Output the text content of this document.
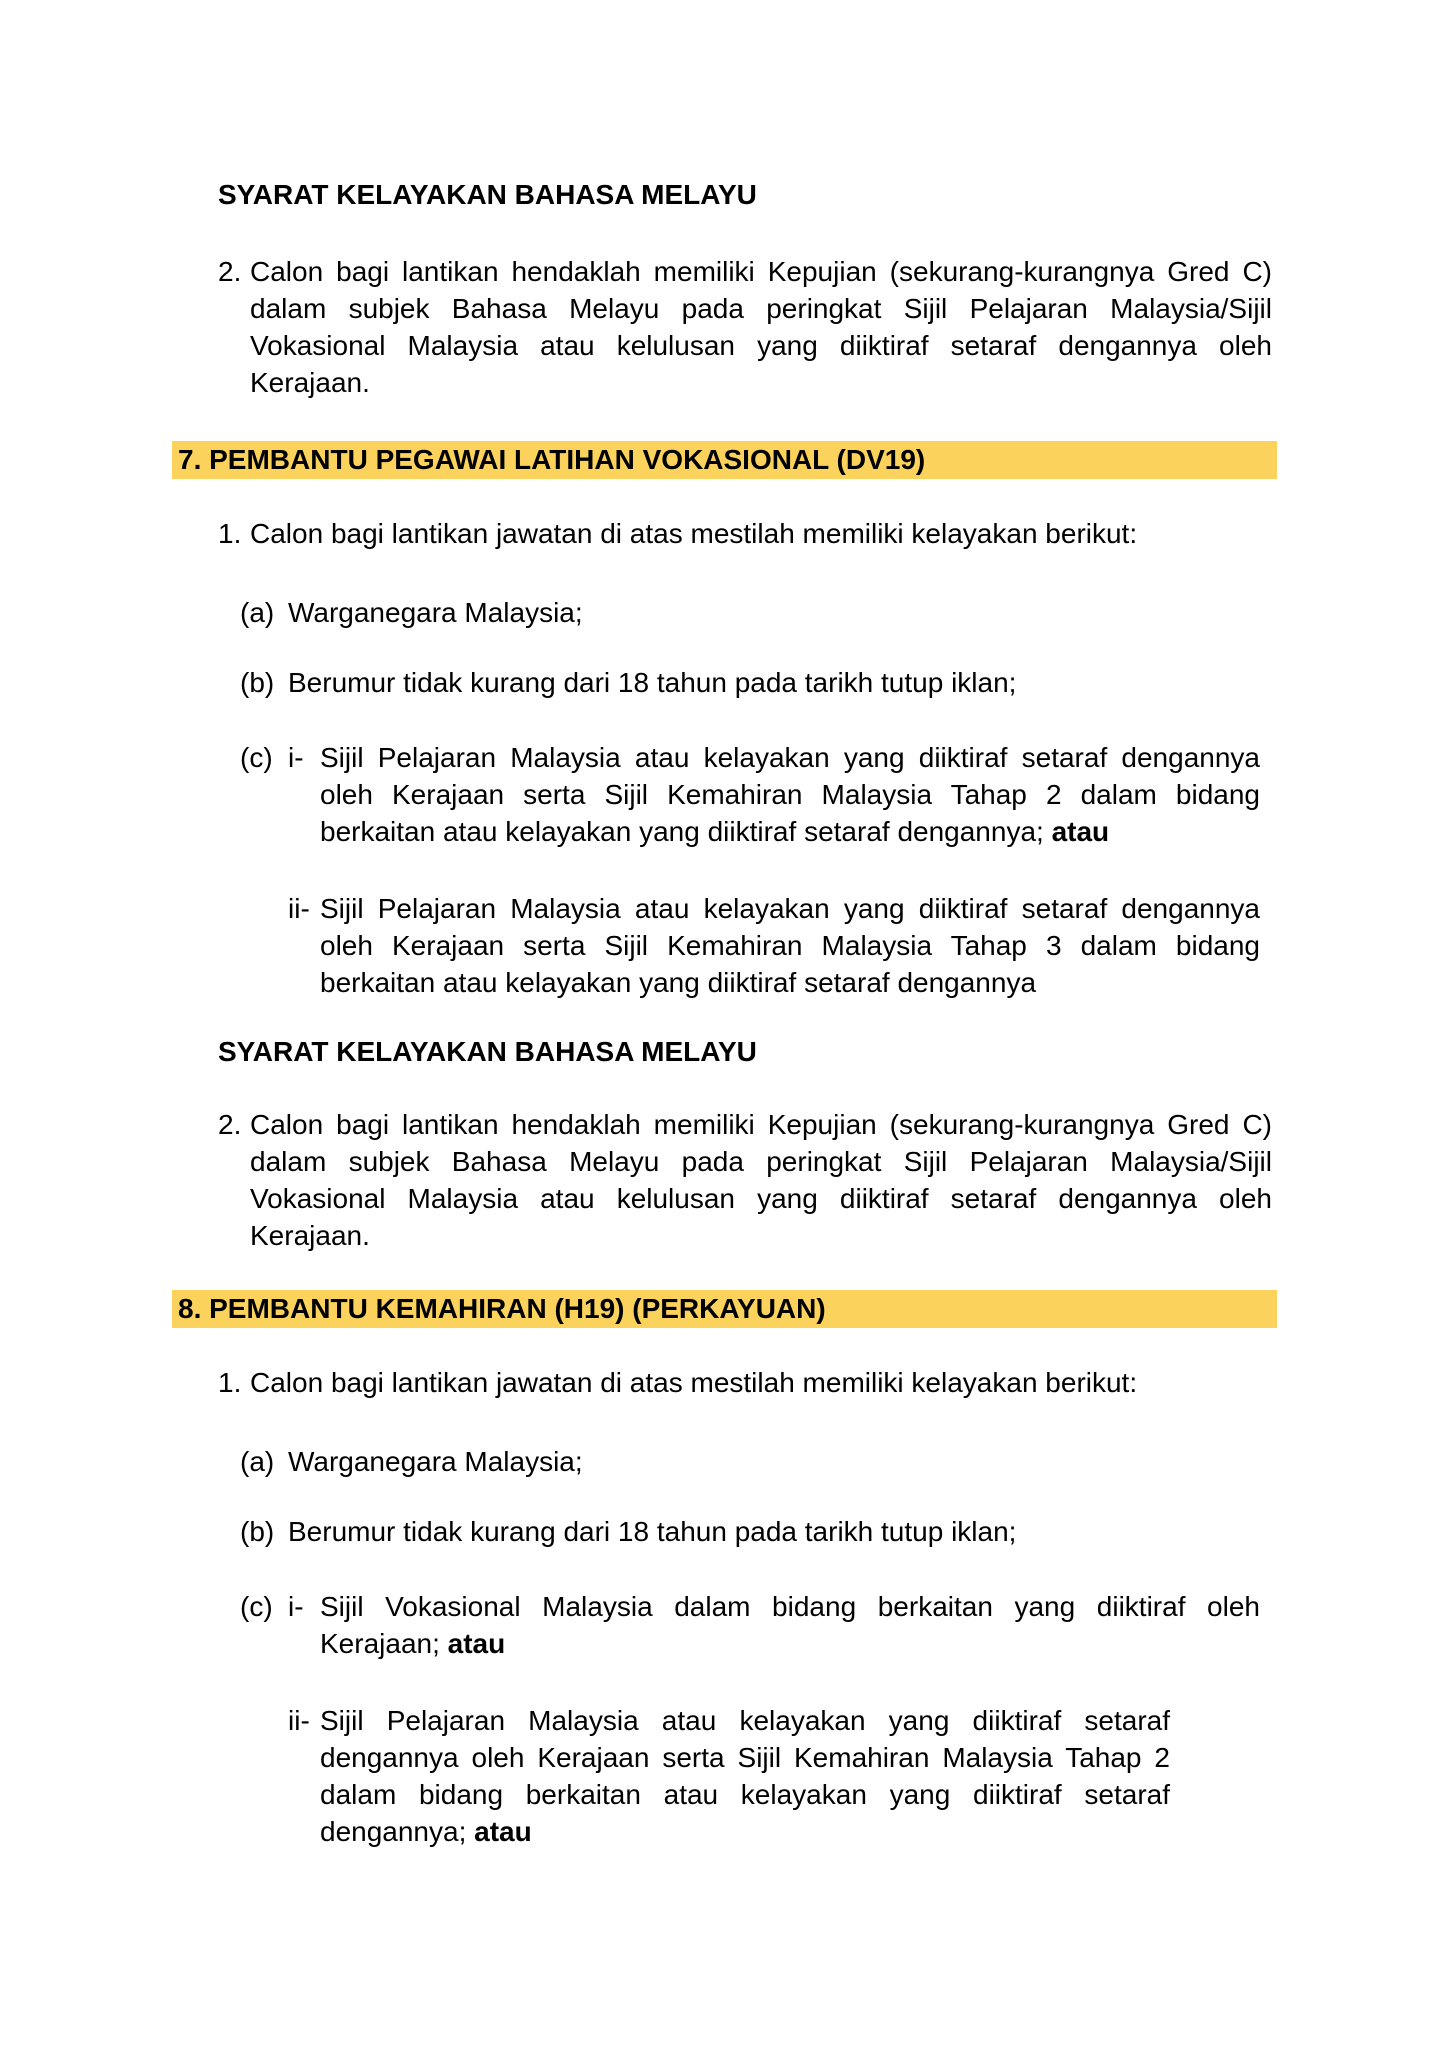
SYARAT KELAYAKAN BAHASA MELAYU
2. Calon bagi lantikan hendaklah memiliki Kepujian (sekurang-kurangnya Gred C) dalam subjek Bahasa Melayu pada peringkat Sijil Pelajaran Malaysia/Sijil Vokasional Malaysia atau kelulusan yang diiktiraf setaraf dengannya oleh Kerajaan.

7. PEMBANTU PEGAWAI LATIHAN VOKASIONAL (DV19)
1. Calon bagi lantikan jawatan di atas mestilah memiliki kelayakan berikut:

(a) Warganegara Malaysia;

(b) Berumur tidak kurang dari 18 tahun pada tarikh tutup iklan;

(c) i- Sijil Pelajaran Malaysia atau kelayakan yang diiktiraf setaraf dengannya oleh Kerajaan serta Sijil Kemahiran Malaysia Tahap 2 dalam bidang berkaitan atau kelayakan yang diiktiraf setaraf dengannya; atau

ii- Sijil Pelajaran Malaysia atau kelayakan yang diiktiraf setaraf dengannya oleh Kerajaan serta Sijil Kemahiran Malaysia Tahap 3 dalam bidang berkaitan atau kelayakan yang diiktiraf setaraf dengannya

SYARAT KELAYAKAN BAHASA MELAYU
2. Calon bagi lantikan hendaklah memiliki Kepujian (sekurang-kurangnya Gred C) dalam subjek Bahasa Melayu pada peringkat Sijil Pelajaran Malaysia/Sijil Vokasional Malaysia atau kelulusan yang diiktiraf setaraf dengannya oleh Kerajaan.

8. PEMBANTU KEMAHIRAN (H19) (PERKAYUAN)
1. Calon bagi lantikan jawatan di atas mestilah memiliki kelayakan berikut:

(a) Warganegara Malaysia;

(b) Berumur tidak kurang dari 18 tahun pada tarikh tutup iklan;

(c) i- Sijil Vokasional Malaysia dalam bidang berkaitan yang diiktiraf oleh Kerajaan; atau

ii- Sijil Pelajaran Malaysia atau kelayakan yang diiktiraf setaraf dengannya oleh Kerajaan serta Sijil Kemahiran Malaysia Tahap 2 dalam bidang berkaitan atau kelayakan yang diiktiraf setaraf dengannya; atau
